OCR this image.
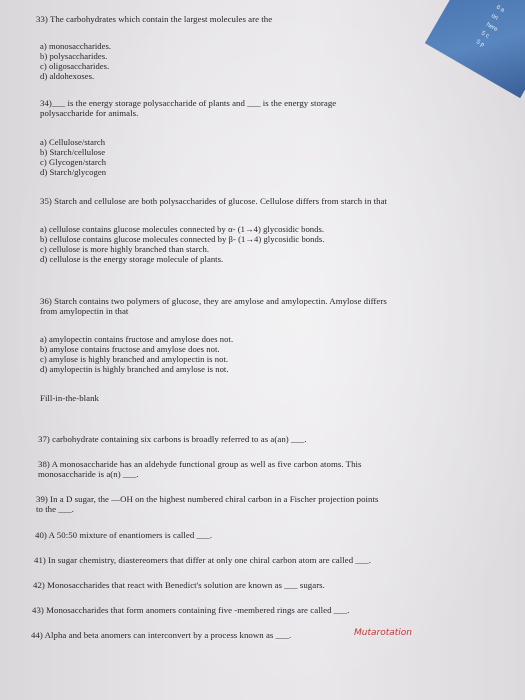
6 a
on
here
5 c
5 p
33) The carbohydrates which contain the largest molecules are the
a) monosaccharides.
b) polysaccharides.
c) oligosaccharides.
d) aldohexoses.
34)___ is the energy storage polysaccharide of plants and ___ is the energy storage
polysaccharide for animals.
a) Cellulose/starch
b) Starch/cellulose
c) Glycogen/starch
d) Starch/glycogen
35) Starch and cellulose are both polysaccharides of glucose. Cellulose differs from starch in that
a) cellulose contains glucose molecules connected by α- (1→4) glycosidic bonds.
b) cellulose contains glucose molecules connected by β- (1→4) glycosidic bonds.
c) cellulose is more highly branched than starch.
d) cellulose is the energy storage molecule of plants.
36) Starch contains two polymers of glucose, they are amylose and amylopectin. Amylose differs
from amylopectin in that
a) amylopectin contains fructose and amylose does not.
b) amylose contains fructose and amylose does not.
c) amylose is highly branched and amylopectin is not.
d) amylopectin is highly branched and amylose is not.
Fill-in-the-blank
37) carbohydrate containing six carbons is broadly referred to as a(an) ___.
38) A monosaccharide has an aldehyde functional group as well as five carbon atoms. This
monosaccharide is a(n) ___.
39) In a D sugar, the —OH on the highest numbered chiral carbon in a Fischer projection points
to the ___.
40) A 50:50 mixture of enantiomers is called ___.
41) In sugar chemistry, diastereomers that differ at only one chiral carbon atom are called ___.
42) Monosaccharides that react with Benedict's solution are known as ___ sugars.
43) Monosaccharides that form anomers containing five -membered rings are called ___.
44) Alpha and beta anomers can interconvert by a process known as ___.	Mutarotation
